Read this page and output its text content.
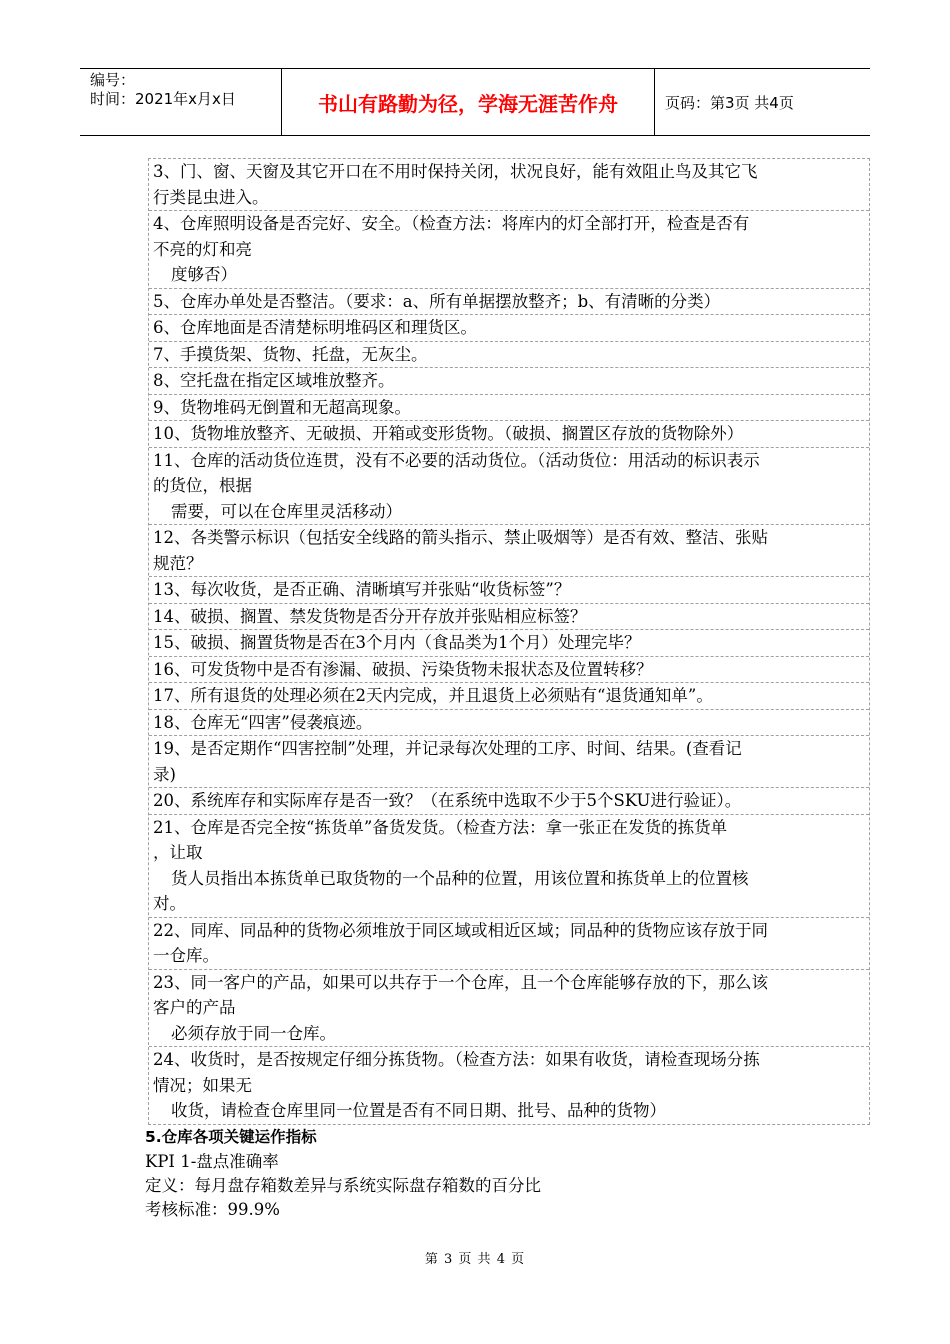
编号：
时间：2021年x月x日	书山有路勤为径，学海无涯苦作舟	页码：第3页 共4页
3、门、窗、天窗及其它开口在不用时保持关闭，状况良好，能有效阻止鸟及其它飞
行类昆虫进入。
4、仓库照明设备是否完好、安全。（检查方法：将库内的灯全部打开，检查是否有
不亮的灯和亮
度够否）
5、仓库办单处是否整洁。（要求：a、所有单据摆放整齐；b、有清晰的分类）
6、仓库地面是否清楚标明堆码区和理货区。
7、手摸货架、货物、托盘，无灰尘。
8、空托盘在指定区域堆放整齐。
9、货物堆码无倒置和无超高现象。
10、货物堆放整齐、无破损、开箱或变形货物。（破损、搁置区存放的货物除外）
11、仓库的活动货位连贯，没有不必要的活动货位。（活动货位：用活动的标识表示
的货位，根据
需要，可以在仓库里灵活移动）
12、各类警示标识（包括安全线路的箭头指示、禁止吸烟等）是否有效、整洁、张贴
规范？
13、每次收货，是否正确、清晰填写并张贴“收货标签”？
14、破损、搁置、禁发货物是否分开存放并张贴相应标签？
15、破损、搁置货物是否在3个月内（食品类为1个月）处理完毕？
16、可发货物中是否有渗漏、破损、污染货物未报状态及位置转移？
17、所有退货的处理必须在2天内完成，并且退货上必须贴有“退货通知单”。
18、仓库无“四害”侵袭痕迹。
19、是否定期作“四害控制”处理，并记录每次处理的工序、时间、结果。(查看记
录)
20、系统库存和实际库存是否一致？（在系统中选取不少于5个SKU进行验证）。
21、仓库是否完全按“拣货单”备货发货。（检查方法：拿一张正在发货的拣货单
，让取
货人员指出本拣货单已取货物的一个品种的位置，用该位置和拣货单上的位置核
对。
22、同库、同品种的货物必须堆放于同区域或相近区域；同品种的货物应该存放于同
一仓库。
23、同一客户的产品，如果可以共存于一个仓库，且一个仓库能够存放的下，那么该
客户的产品
必须存放于同一仓库。
24、收货时，是否按规定仔细分拣货物。（检查方法：如果有收货，请检查现场分拣
情况；如果无
收货，请检查仓库里同一位置是否有不同日期、批号、品种的货物）
5.仓库各项关键运作指标
KPI 1-盘点准确率
定义：每月盘存箱数差异与系统实际盘存箱数的百分比
考核标准：99.9%
第 3 页 共 4 页
